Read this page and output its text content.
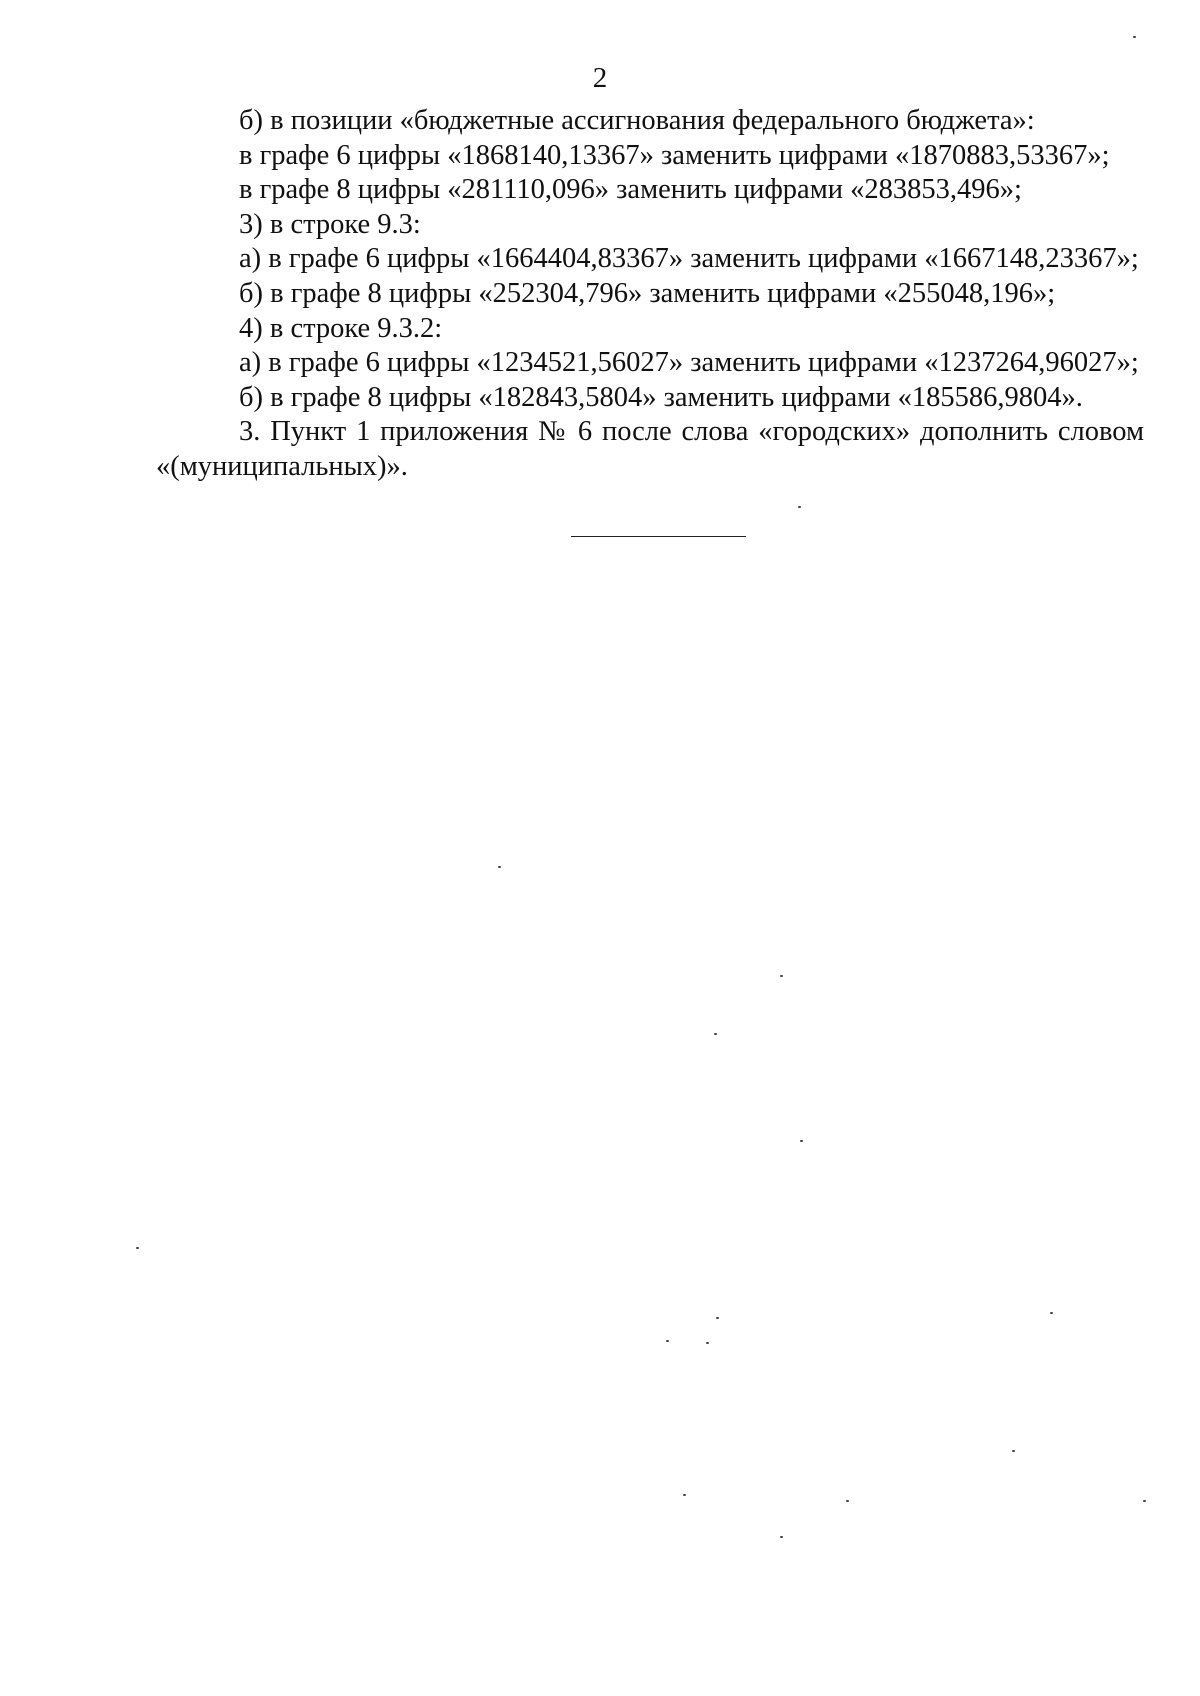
2
б) в позиции «бюджетные ассигнования федерального бюджета»:
в графе 6 цифры «1868140,13367» заменить цифрами «1870883,53367»;
в графе 8 цифры «281110,096» заменить цифрами «283853,496»;
3) в строке 9.3:
а) в графе 6 цифры «1664404,83367» заменить цифрами «1667148,23367»;
б) в графе 8 цифры «252304,796» заменить цифрами «255048,196»;
4) в строке 9.3.2:
а) в графе 6 цифры «1234521,56027» заменить цифрами «1237264,96027»;
б) в графе 8 цифры «182843,5804» заменить цифрами «185586,9804».
3. Пункт 1 приложения № 6 после слова «городских» дополнить словом «(муниципальных)».
